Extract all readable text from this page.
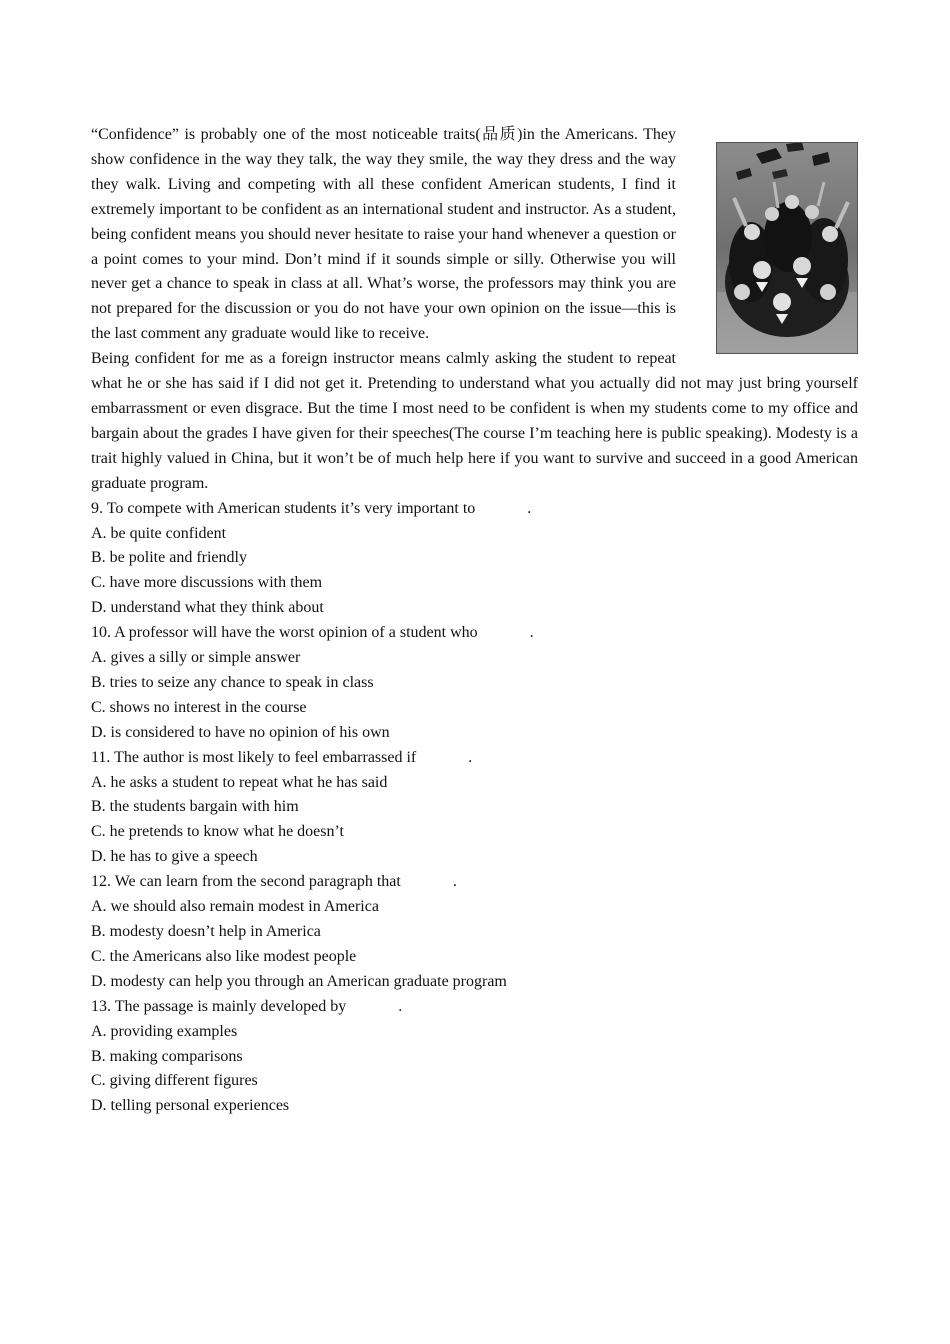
“Confidence” is probably one of the most noticeable traits(品质)in the Americans. They show confidence in the way they talk, the way they smile, the way they dress and the way they walk. Living and competing with all these confident American students, I find it extremely important to be confident as an international student and instructor. As a student, being confident means you should never hesitate to raise your hand whenever a question or a point comes to your mind. Don’t mind if it sounds simple or silly. Otherwise you will never get a chance to speak in class at all. What’s worse, the professors may think you are not prepared for the discussion or you do not have your own opinion on the issue—this is the last comment any graduate would like to receive.

Being confident for me as a foreign instructor means calmly asking the student to repeat what he or she has said if I did not get it. Pretending to understand what you actually did not may just bring yourself embarrassment or even disgrace. But the time I most need to be confident is when my students come to my office and bargain about the grades I have given for their speeches(The course I’m teaching here is public speaking). Modesty is a trait highly valued in China, but it won’t be of much help here if you want to survive and succeed in a good American graduate program.

9. To compete with American students it’s very important to	.

A. be quite confident

B. be polite and friendly

C. have more discussions with them

D. understand what they think about

10. A professor will have the worst opinion of a student who	.

A. gives a silly or simple answer

B. tries to seize any chance to speak in class

C. shows no interest in the course

D. is considered to have no opinion of his own

11. The author is most likely to feel embarrassed if	.

A. he asks a student to repeat what he has said

B. the students bargain with him

C. he pretends to know what he doesn’t

D. he has to give a speech

12. We can learn from the second paragraph that	.

A. we should also remain modest in America

B. modesty doesn’t help in America

C. the Americans also like modest people

D. modesty can help you through an American graduate program

13. The passage is mainly developed by	.

A. providing examples

B. making comparisons

C. giving different figures

D. telling personal experiences
